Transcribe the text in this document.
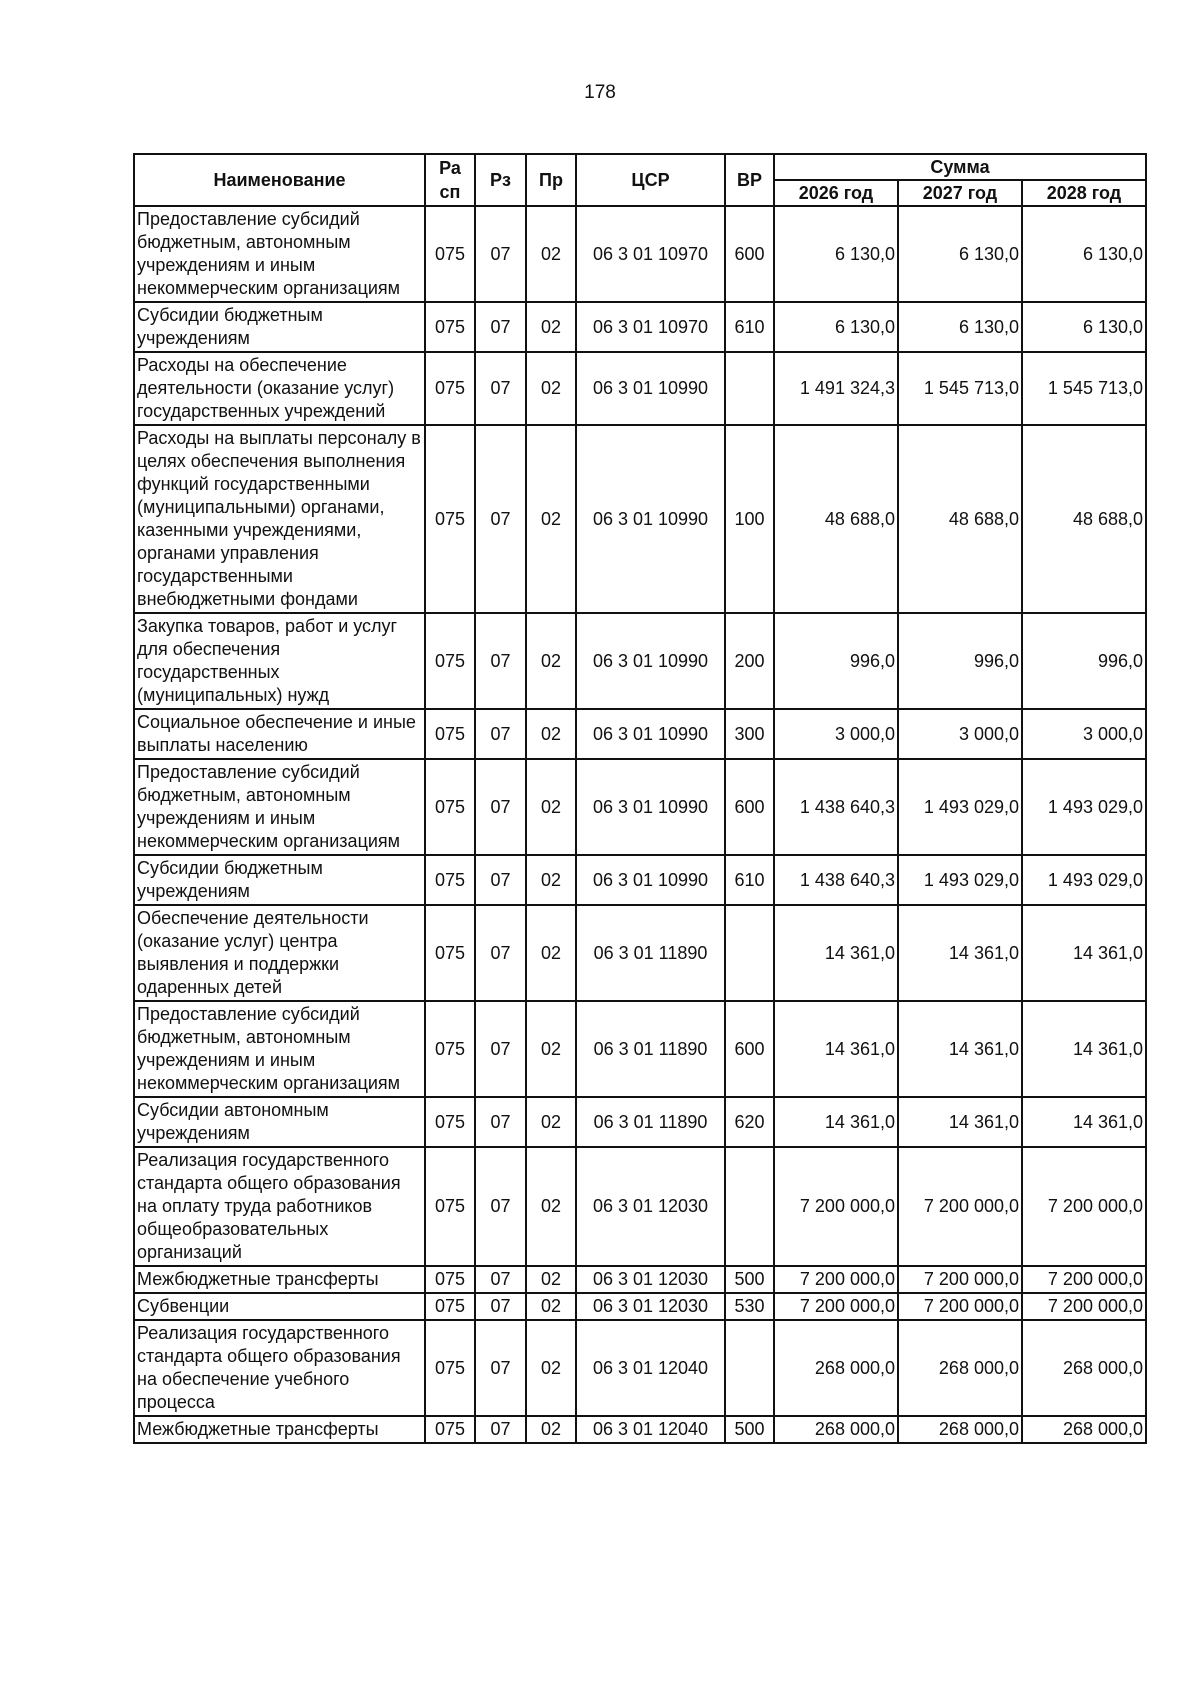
178
Наименование	Ра сп	Рз	Пр	ЦСР	ВР	Сумма		
						2026 год	2027 год	2028 год
Предоставление субсидий бюджетным, автономным учреждениям и иным некоммерческим организациям	075	07	02	06 3 01 10970	600	6 130,0	6 130,0	6 130,0
Субсидии бюджетным учреждениям	075	07	02	06 3 01 10970	610	6 130,0	6 130,0	6 130,0
Расходы на обеспечение деятельности (оказание услуг) государственных учреждений	075	07	02	06 3 01 10990		1 491 324,3	1 545 713,0	1 545 713,0
Расходы на выплаты персоналу в целях обеспечения выполнения функций государственными (муниципальными) органами, казенными учреждениями, органами управления государственными внебюджетными фондами	075	07	02	06 3 01 10990	100	48 688,0	48 688,0	48 688,0
Закупка товаров, работ и услуг для обеспечения государственных (муниципальных) нужд	075	07	02	06 3 01 10990	200	996,0	996,0	996,0
Социальное обеспечение и иные выплаты населению	075	07	02	06 3 01 10990	300	3 000,0	3 000,0	3 000,0
Предоставление субсидий бюджетным, автономным учреждениям и иным некоммерческим организациям	075	07	02	06 3 01 10990	600	1 438 640,3	1 493 029,0	1 493 029,0
Субсидии бюджетным учреждениям	075	07	02	06 3 01 10990	610	1 438 640,3	1 493 029,0	1 493 029,0
Обеспечение деятельности (оказание услуг) центра выявления и поддержки одаренных детей	075	07	02	06 3 01 11890		14 361,0	14 361,0	14 361,0
Предоставление субсидий бюджетным, автономным учреждениям и иным некоммерческим организациям	075	07	02	06 3 01 11890	600	14 361,0	14 361,0	14 361,0
Субсидии автономным учреждениям	075	07	02	06 3 01 11890	620	14 361,0	14 361,0	14 361,0
Реализация государственного стандарта общего образования на оплату труда работников общеобразовательных организаций	075	07	02	06 3 01 12030		7 200 000,0	7 200 000,0	7 200 000,0
Межбюджетные трансферты	075	07	02	06 3 01 12030	500	7 200 000,0	7 200 000,0	7 200 000,0
Субвенции	075	07	02	06 3 01 12030	530	7 200 000,0	7 200 000,0	7 200 000,0
Реализация государственного стандарта общего образования на обеспечение учебного процесса	075	07	02	06 3 01 12040		268 000,0	268 000,0	268 000,0
Межбюджетные трансферты	075	07	02	06 3 01 12040	500	268 000,0	268 000,0	268 000,0
